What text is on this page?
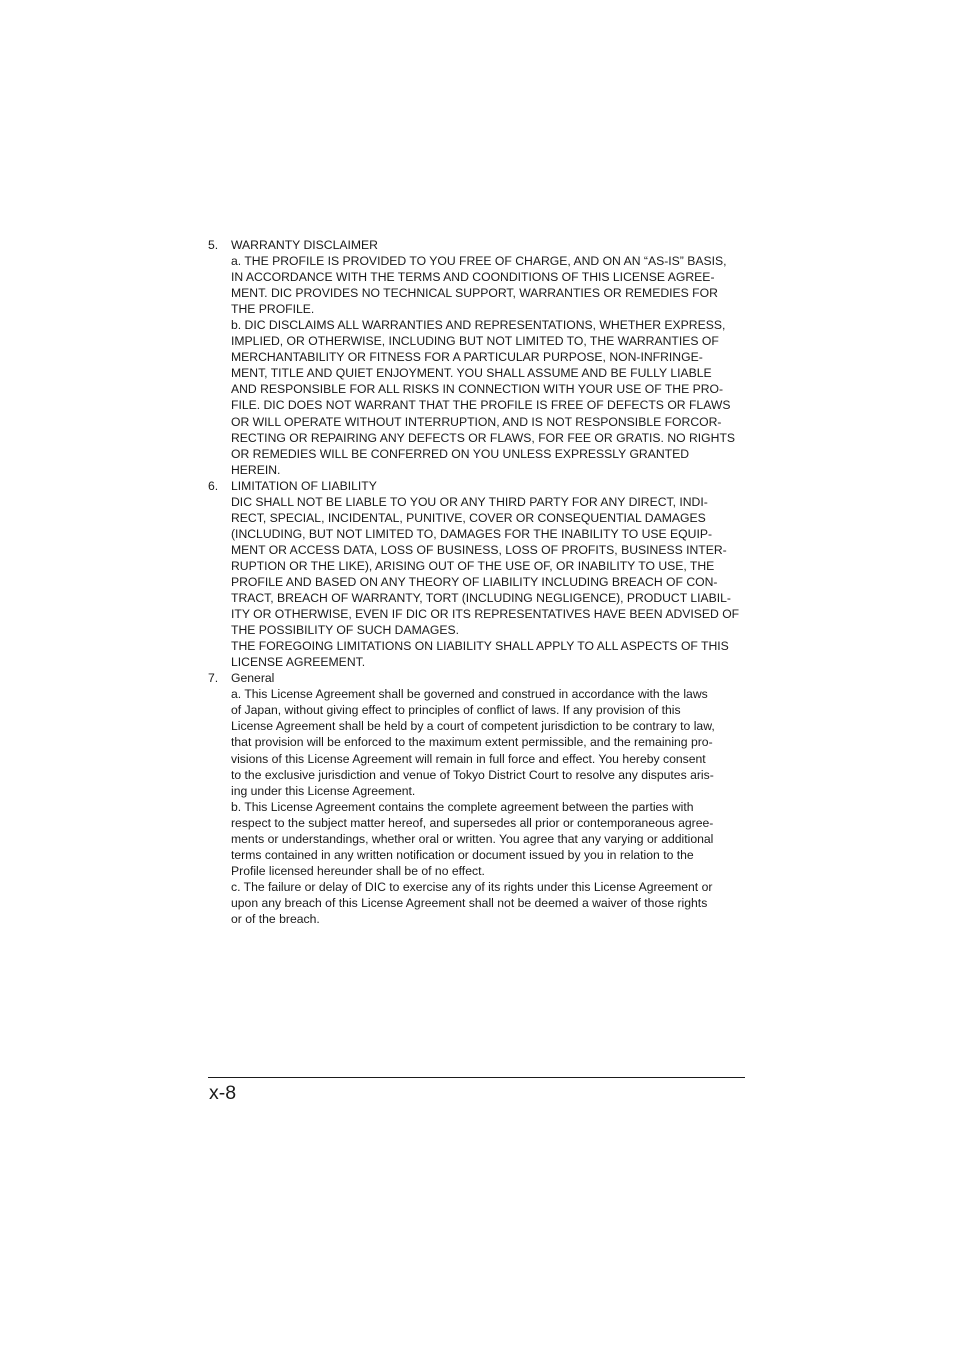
5.	WARRANTY DISCLAIMER
a. THE PROFILE IS PROVIDED TO YOU FREE OF CHARGE, AND ON AN “AS-IS” BASIS,
IN ACCORDANCE WITH THE TERMS AND COONDITIONS OF THIS LICENSE AGREE-
MENT. DIC PROVIDES NO TECHNICAL SUPPORT, WARRANTIES OR REMEDIES FOR
THE PROFILE.
b. DIC DISCLAIMS ALL WARRANTIES AND REPRESENTATIONS, WHETHER EXPRESS,
IMPLIED, OR OTHERWISE, INCLUDING BUT NOT LIMITED TO, THE WARRANTIES OF
MERCHANTABILITY OR FITNESS FOR A PARTICULAR PURPOSE, NON-INFRINGE-
MENT, TITLE AND QUIET ENJOYMENT. YOU SHALL ASSUME AND BE FULLY LIABLE
AND RESPONSIBLE FOR ALL RISKS IN CONNECTION WITH YOUR USE OF THE PRO-
FILE. DIC DOES NOT WARRANT THAT THE PROFILE IS FREE OF DEFECTS OR FLAWS
OR WILL OPERATE WITHOUT INTERRUPTION, AND IS NOT RESPONSIBLE FORCOR-
RECTING OR REPAIRING ANY DEFECTS OR FLAWS, FOR FEE OR GRATIS. NO RIGHTS
OR REMEDIES WILL BE CONFERRED ON YOU UNLESS EXPRESSLY GRANTED
HEREIN.
6.	LIMITATION OF LIABILITY
DIC SHALL NOT BE LIABLE TO YOU OR ANY THIRD PARTY FOR ANY DIRECT, INDI-
RECT, SPECIAL, INCIDENTAL, PUNITIVE, COVER OR CONSEQUENTIAL DAMAGES
(INCLUDING, BUT NOT LIMITED TO, DAMAGES FOR THE INABILITY TO USE EQUIP-
MENT OR ACCESS DATA, LOSS OF BUSINESS, LOSS OF PROFITS, BUSINESS INTER-
RUPTION OR THE LIKE), ARISING OUT OF THE USE OF, OR INABILITY TO USE, THE
PROFILE AND BASED ON ANY THEORY OF LIABILITY INCLUDING BREACH OF CON-
TRACT, BREACH OF WARRANTY, TORT (INCLUDING NEGLIGENCE), PRODUCT LIABIL-
ITY OR OTHERWISE, EVEN IF DIC OR ITS REPRESENTATIVES HAVE BEEN ADVISED OF
THE POSSIBILITY OF SUCH DAMAGES.
THE FOREGOING LIMITATIONS ON LIABILITY SHALL APPLY TO ALL ASPECTS OF THIS
LICENSE AGREEMENT.
7.	General
a. This License Agreement shall be governed and construed in accordance with the laws
of Japan, without giving effect to principles of conflict of laws. If any provision of this
License Agreement shall be held by a court of competent jurisdiction to be contrary to law,
that provision will be enforced to the maximum extent permissible, and the remaining pro-
visions of this License Agreement will remain in full force and effect. You hereby consent
to the exclusive jurisdiction and venue of Tokyo District Court to resolve any disputes aris-
ing under this License Agreement.
b. This License Agreement contains the complete agreement between the parties with
respect to the subject matter hereof, and supersedes all prior or contemporaneous agree-
ments or understandings, whether oral or written. You agree that any varying or additional
terms contained in any written notification or document issued by you in relation to the
Profile licensed hereunder shall be of no effect.
c. The failure or delay of DIC to exercise any of its rights under this License Agreement or
upon any breach of this License Agreement shall not be deemed a waiver of those rights
or of the breach.
x-8
